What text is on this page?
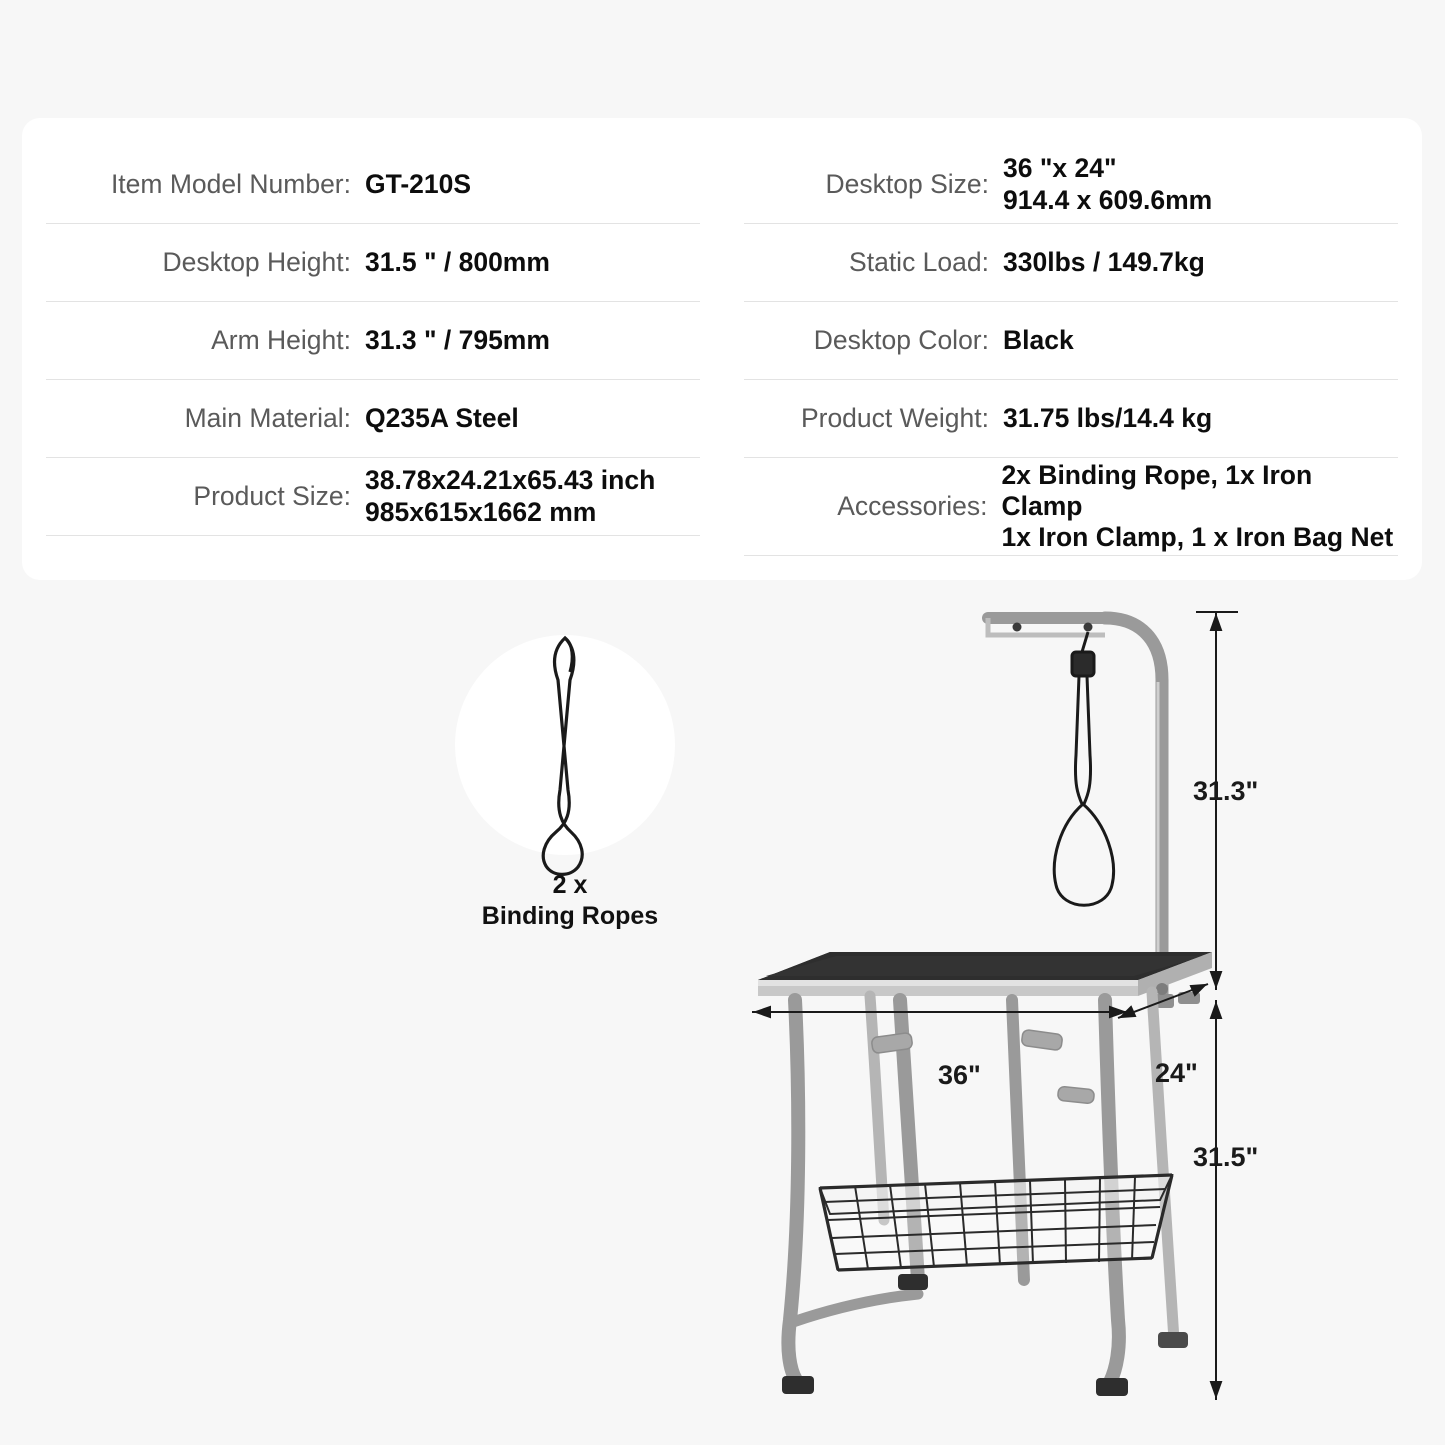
Item Model Number: GT-210S
Desktop Height: 31.5 " / 800mm
Arm Height: 31.3 " / 795mm
Main Material: Q235A Steel
Product Size:
38.78x24.21x65.43 inch
985x615x1662 mm
Desktop Size:
36 "x 24"
914.4 x 609.6mm
Static Load: 330lbs / 149.7kg
Desktop Color: Black
Product Weight: 31.75 lbs/14.4 kg
Accessories:
2x Binding Rope, 1x Iron Clamp
1x Iron Clamp, 1 x Iron Bag Net
2 x
Binding Ropes
31.3"
31.5"
36"	24"
